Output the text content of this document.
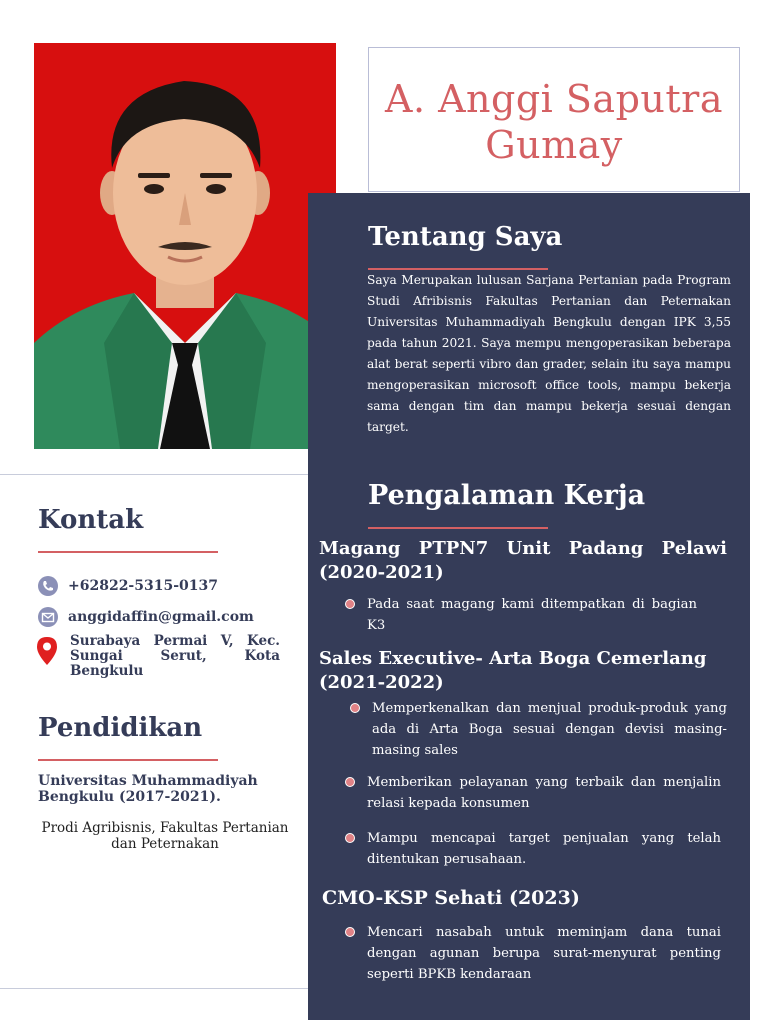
A. Anggi Saputra
Gumay
Tentang Saya

Saya Merupakan lulusan Sarjana Pertanian pada Program Studi Afribisnis Fakultas Pertanian dan Peternakan Universitas Muhammadiyah Bengkulu dengan IPK 3,55 pada tahun 2021. Saya mempu mengoperasikan beberapa alat berat seperti vibro dan grader, selain itu saya mampu mengoperasikan microsoft office tools, mampu bekerja sama dengan tim dan mampu bekerja sesuai dengan target.

Pengalaman Kerja

Magang PTPN7 Unit Padang Pelawi (2020-2021)

Pada saat magang kami ditempatkan di bagian K3

Sales Executive- Arta Boga Cemerlang (2021-2022)

Memperkenalkan dan menjual produk-produk yang ada di Arta Boga sesuai dengan devisi masing-masing sales
Memberikan pelayanan yang terbaik dan menjalin relasi kepada konsumen
Mampu mencapai target penjualan yang telah ditentukan perusahaan.

CMO-KSP Sehati (2023)

Mencari nasabah untuk meminjam dana tunai dengan agunan berupa surat-menyurat penting seperti BPKB kendaraan
Kontak
+62822-5315-0137
anggidaffin@gmail.com
Surabaya Permai V, Kec. Sungai Serut, Kota Bengkulu
Pendidikan
Universitas Muhammadiyah Bengkulu (2017-2021).
Prodi Agribisnis, Fakultas Pertanian dan Peternakan
